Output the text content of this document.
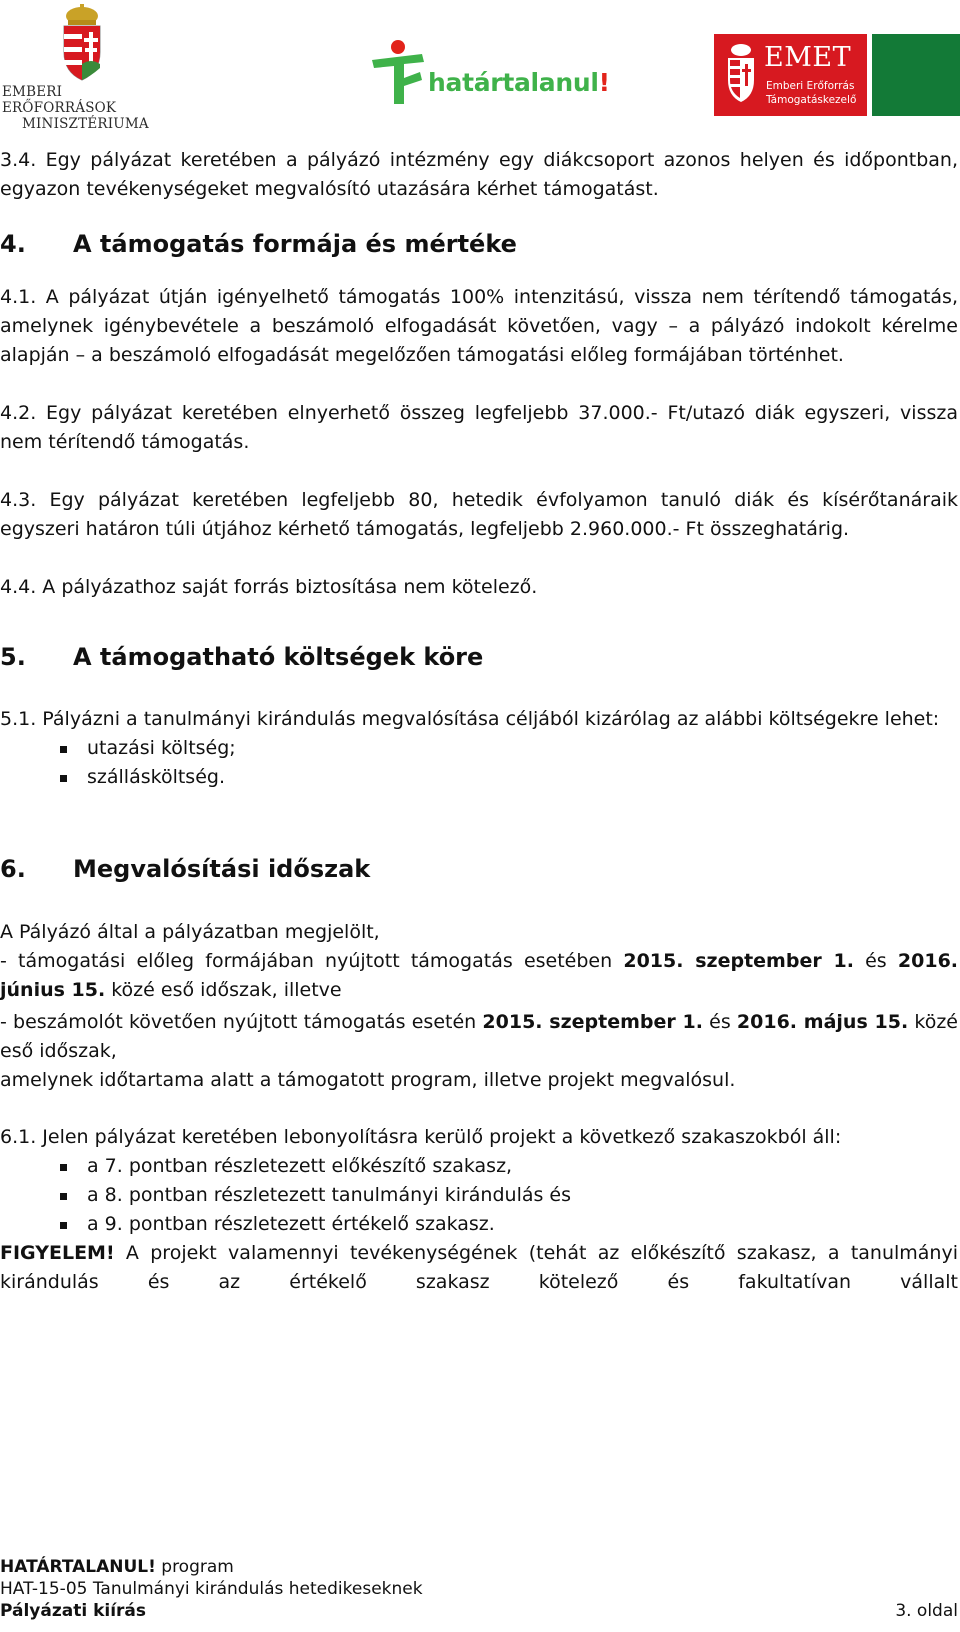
EMBERI ERŐFORRÁSOK
MINISZTÉRIUMA
határtalanul!
EMET
Emberi Erőforrás
Támogatáskezelő

3.4. Egy pályázat keretében a pályázó intézmény egy diákcsoport azonos helyen és időpontban, egyazon tevékenységeket megvalósító utazására kérhet támogatást.

4.	A támogatás formája és mértéke

4.1. A pályázat útján igényelhető támogatás 100% intenzitású, vissza nem térítendő támogatás, amelynek igénybevétele a beszámoló elfogadását követően, vagy – a pályázó indokolt kérelme alapján – a beszámoló elfogadását megelőzően támogatási előleg formájában történhet.

4.2. Egy pályázat keretében elnyerhető összeg legfeljebb 37.000.- Ft/utazó diák egyszeri, vissza nem térítendő támogatás.

4.3. Egy pályázat keretében legfeljebb 80, hetedik évfolyamon tanuló diák és kísérőtanáraik egyszeri határon túli útjához kérhető támogatás, legfeljebb 2.960.000.- Ft összeghatárig.

4.4. A pályázathoz saját forrás biztosítása nem kötelező.

5.	A támogatható költségek köre

5.1. Pályázni a tanulmányi kirándulás megvalósítása céljából kizárólag az alábbi költségekre lehet:

utazási költség;
szállásköltség.
6.	Megvalósítási időszak

A Pályázó által a pályázatban megjelölt,

- támogatási előleg formájában nyújtott támogatás esetében 2015. szeptember 1. és 2016. június 15. közé eső időszak, illetve

- beszámolót követően nyújtott támogatás esetén 2015. szeptember 1. és 2016. május 15. közé eső időszak,

amelynek időtartama alatt a támogatott program, illetve projekt megvalósul.

6.1. Jelen pályázat keretében lebonyolításra kerülő projekt a következő szakaszokból áll:

a 7. pontban részletezett előkészítő szakasz,
a 8. pontban részletezett tanulmányi kirándulás és
a 9. pontban részletezett értékelő szakasz.

FIGYELEM! A projekt valamennyi tevékenységének (tehát az előkészítő szakasz, a tanulmányi kirándulás és az értékelő szakasz kötelező és fakultatívan vállalt

HATÁRTALANUL! program
HAT-15-05 Tanulmányi kirándulás hetedikeseknek
Pályázati kiírás	3. oldal
